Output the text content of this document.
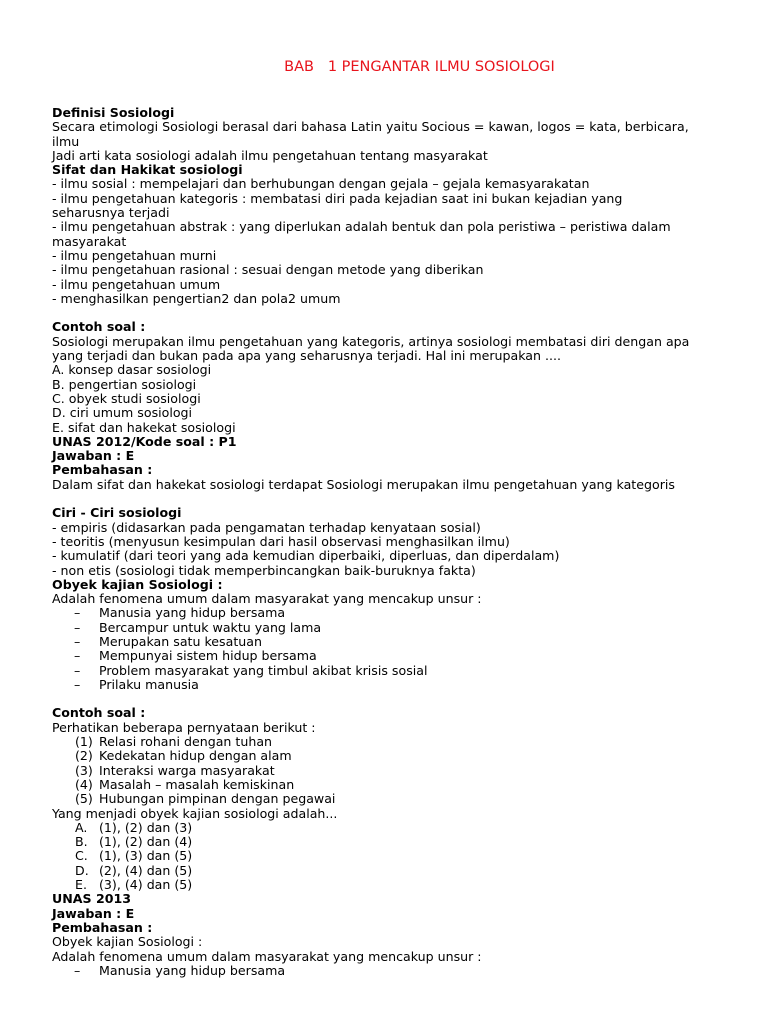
BAB   1 PENGANTAR ILMU SOSIOLOGI
Definisi Sosiologi
Secara etimologi Sosiologi berasal dari bahasa Latin yaitu Socious = kawan, logos = kata, berbicara,
ilmu
Jadi arti kata sosiologi adalah ilmu pengetahuan tentang masyarakat
Sifat dan Hakikat sosiologi
- ilmu sosial : mempelajari dan berhubungan dengan gejala – gejala kemasyarakatan
- ilmu pengetahuan kategoris : membatasi diri pada kejadian saat ini bukan kejadian yang
seharusnya terjadi
- ilmu pengetahuan abstrak : yang diperlukan adalah bentuk dan pola peristiwa – peristiwa dalam
masyarakat
- ilmu pengetahuan murni
- ilmu pengetahuan rasional : sesuai dengan metode yang diberikan
- ilmu pengetahuan umum
- menghasilkan pengertian2 dan pola2 umum
Contoh soal :
Sosiologi merupakan ilmu pengetahuan yang kategoris, artinya sosiologi membatasi diri dengan apa
yang terjadi dan bukan pada apa yang seharusnya terjadi. Hal ini merupakan ....
A. konsep dasar sosiologi
B. pengertian sosiologi
C. obyek studi sosiologi
D. ciri umum sosiologi
E. sifat dan hakekat sosiologi
UNAS 2012/Kode soal : P1
Jawaban : E
Pembahasan :
Dalam sifat dan hakekat sosiologi terdapat Sosiologi merupakan ilmu pengetahuan yang kategoris
Ciri - Ciri sosiologi
- empiris (didasarkan pada pengamatan terhadap kenyataan sosial)
- teoritis (menyusun kesimpulan dari hasil observasi menghasilkan ilmu)
- kumulatif (dari teori yang ada kemudian diperbaiki, diperluas, dan diperdalam)
- non etis (sosiologi tidak memperbincangkan baik-buruknya fakta)
Obyek kajian Sosiologi :
Adalah fenomena umum dalam masyarakat yang mencakup unsur :
–	Manusia yang hidup bersama
–	Bercampur untuk waktu yang lama
–	Merupakan satu kesatuan
–	Mempunyai sistem hidup bersama
–	Problem masyarakat yang timbul akibat krisis sosial
–	Prilaku manusia
Contoh soal :
Perhatikan beberapa pernyataan berikut :
(1) Relasi rohani dengan tuhan
(2) Kedekatan hidup dengan alam
(3) Interaksi warga masyarakat
(4) Masalah – masalah kemiskinan
(5) Hubungan pimpinan dengan pegawai
Yang menjadi obyek kajian sosiologi adalah...
A. (1), (2) dan (3)
B. (1), (2) dan (4)
C. (1), (3) dan (5)
D. (2), (4) dan (5)
E. (3), (4) dan (5)
UNAS 2013
Jawaban : E
Pembahasan :
Obyek kajian Sosiologi :
Adalah fenomena umum dalam masyarakat yang mencakup unsur :
–	Manusia yang hidup bersama
